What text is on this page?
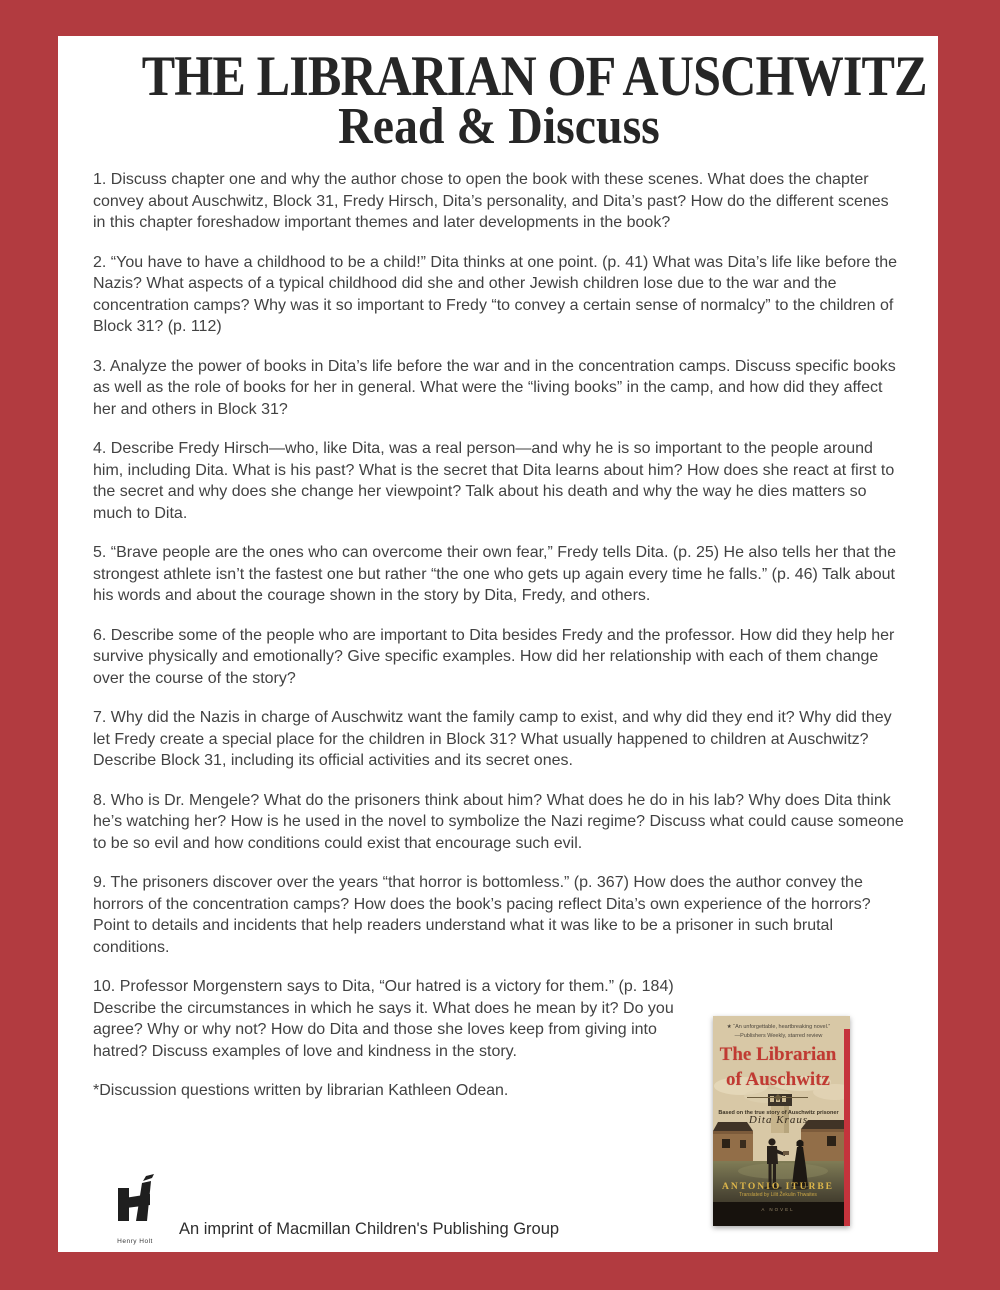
THE LIBRARIAN OF AUSCHWITZ
Read & Discuss
1. Discuss chapter one and why the author chose to open the book with these scenes. What does the chapter convey about Auschwitz, Block 31, Fredy Hirsch, Dita’s personality, and Dita’s past? How do the different scenes in this chapter foreshadow important themes and later developments in the book?
2. “You have to have a childhood to be a child!” Dita thinks at one point. (p. 41) What was Dita’s life like before the Nazis? What aspects of a typical childhood did she and other Jewish children lose due to the war and the concentration camps? Why was it so important to Fredy “to convey a certain sense of normalcy” to the children of Block 31? (p. 112)
3. Analyze the power of books in Dita’s life before the war and in the concentration camps. Discuss specific books as well as the role of books for her in general. What were the “living books” in the camp, and how did they affect her and others in Block 31?
4. Describe Fredy Hirsch—who, like Dita, was a real person—and why he is so important to the people around him, including Dita. What is his past? What is the secret that Dita learns about him? How does she react at first to the secret and why does she change her viewpoint? Talk about his death and why the way he dies matters so much to Dita.
5. “Brave people are the ones who can overcome their own fear,” Fredy tells Dita. (p. 25) He also tells her that the strongest athlete isn’t the fastest one but rather “the one who gets up again every time he falls.” (p. 46) Talk about his words and about the courage shown in the story by Dita, Fredy, and others.
6. Describe some of the people who are important to Dita besides Fredy and the professor. How did they help her survive physically and emotionally? Give specific examples. How did her relationship with each of them change over the course of the story?
7. Why did the Nazis in charge of Auschwitz want the family camp to exist, and why did they end it? Why did they let Fredy create a special place for the children in Block 31? What usually happened to children at Auschwitz? Describe Block 31, including its official activities and its secret ones.
8. Who is Dr. Mengele? What do the prisoners think about him? What does he do in his lab? Why does Dita think he’s watching her? How is he used in the novel to symbolize the Nazi regime? Discuss what could cause someone to be so evil and how conditions could exist that encourage such evil.
9. The prisoners discover over the years “that horror is bottomless.” (p. 367) How does the author convey the horrors of the concentration camps? How does the book’s pacing reflect Dita’s own experience of the horrors? Point to details and incidents that help readers understand what it was like to be a prisoner in such brutal conditions.
★ “An unforgettable, heartbreaking novel.”
—Publishers Weekly, starred review
The Librarian
of Auschwitz
Based on the true story of Auschwitz prisoner
Dita Kraus
ANTONIO ITURBE
Translated by Lilit Žekulin Thwaites
A NOVEL
10. Professor Morgenstern says to Dita, “Our hatred is a victory for them.” (p. 184) Describe the circumstances in which he says it. What does he mean by it? Do you agree? Why or why not? How do Dita and those she loves keep from giving into hatred? Discuss examples of love and kindness in the story.
*Discussion questions written by librarian Kathleen Odean.
Henry Holt
An imprint of Macmillan Children's Publishing Group
